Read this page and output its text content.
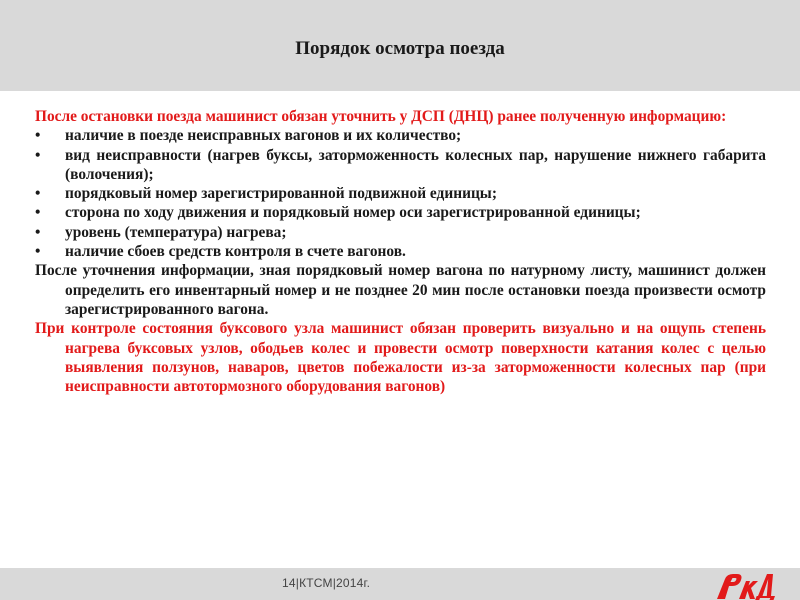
Порядок осмотра поезда

После остановки поезда машинист обязан уточнить у ДСП (ДНЦ) ранее полученную информацию:

•	наличие в поезде неисправных вагонов и их количество;
•	вид неисправности (нагрев буксы, заторможенность колесных пар, нарушение нижнего габарита (волочения);
•	порядковый номер зарегистрированной подвижной единицы;
•	сторона по ходу движения и порядковый номер оси зарегистрированной единицы;
•	уровень (температура) нагрева;
•	наличие сбоев средств контроля в счете вагонов.

После уточнения информации, зная порядковый номер вагона по натурному листу, машинист должен определить его инвентарный номер и не позднее 20 мин после остановки поезда произвести осмотр зарегистрированного вагона.

При контроле состояния буксового узла машинист обязан проверить визуально и на ощупь степень нагрева буксовых узлов, ободьев колес и провести осмотр поверхности катания колес с целью выявления ползунов, наваров, цветов побежалости из-за заторможенности колесных пар (при неисправности автотормозного оборудования вагонов)

14|КТСМ|2014г.
